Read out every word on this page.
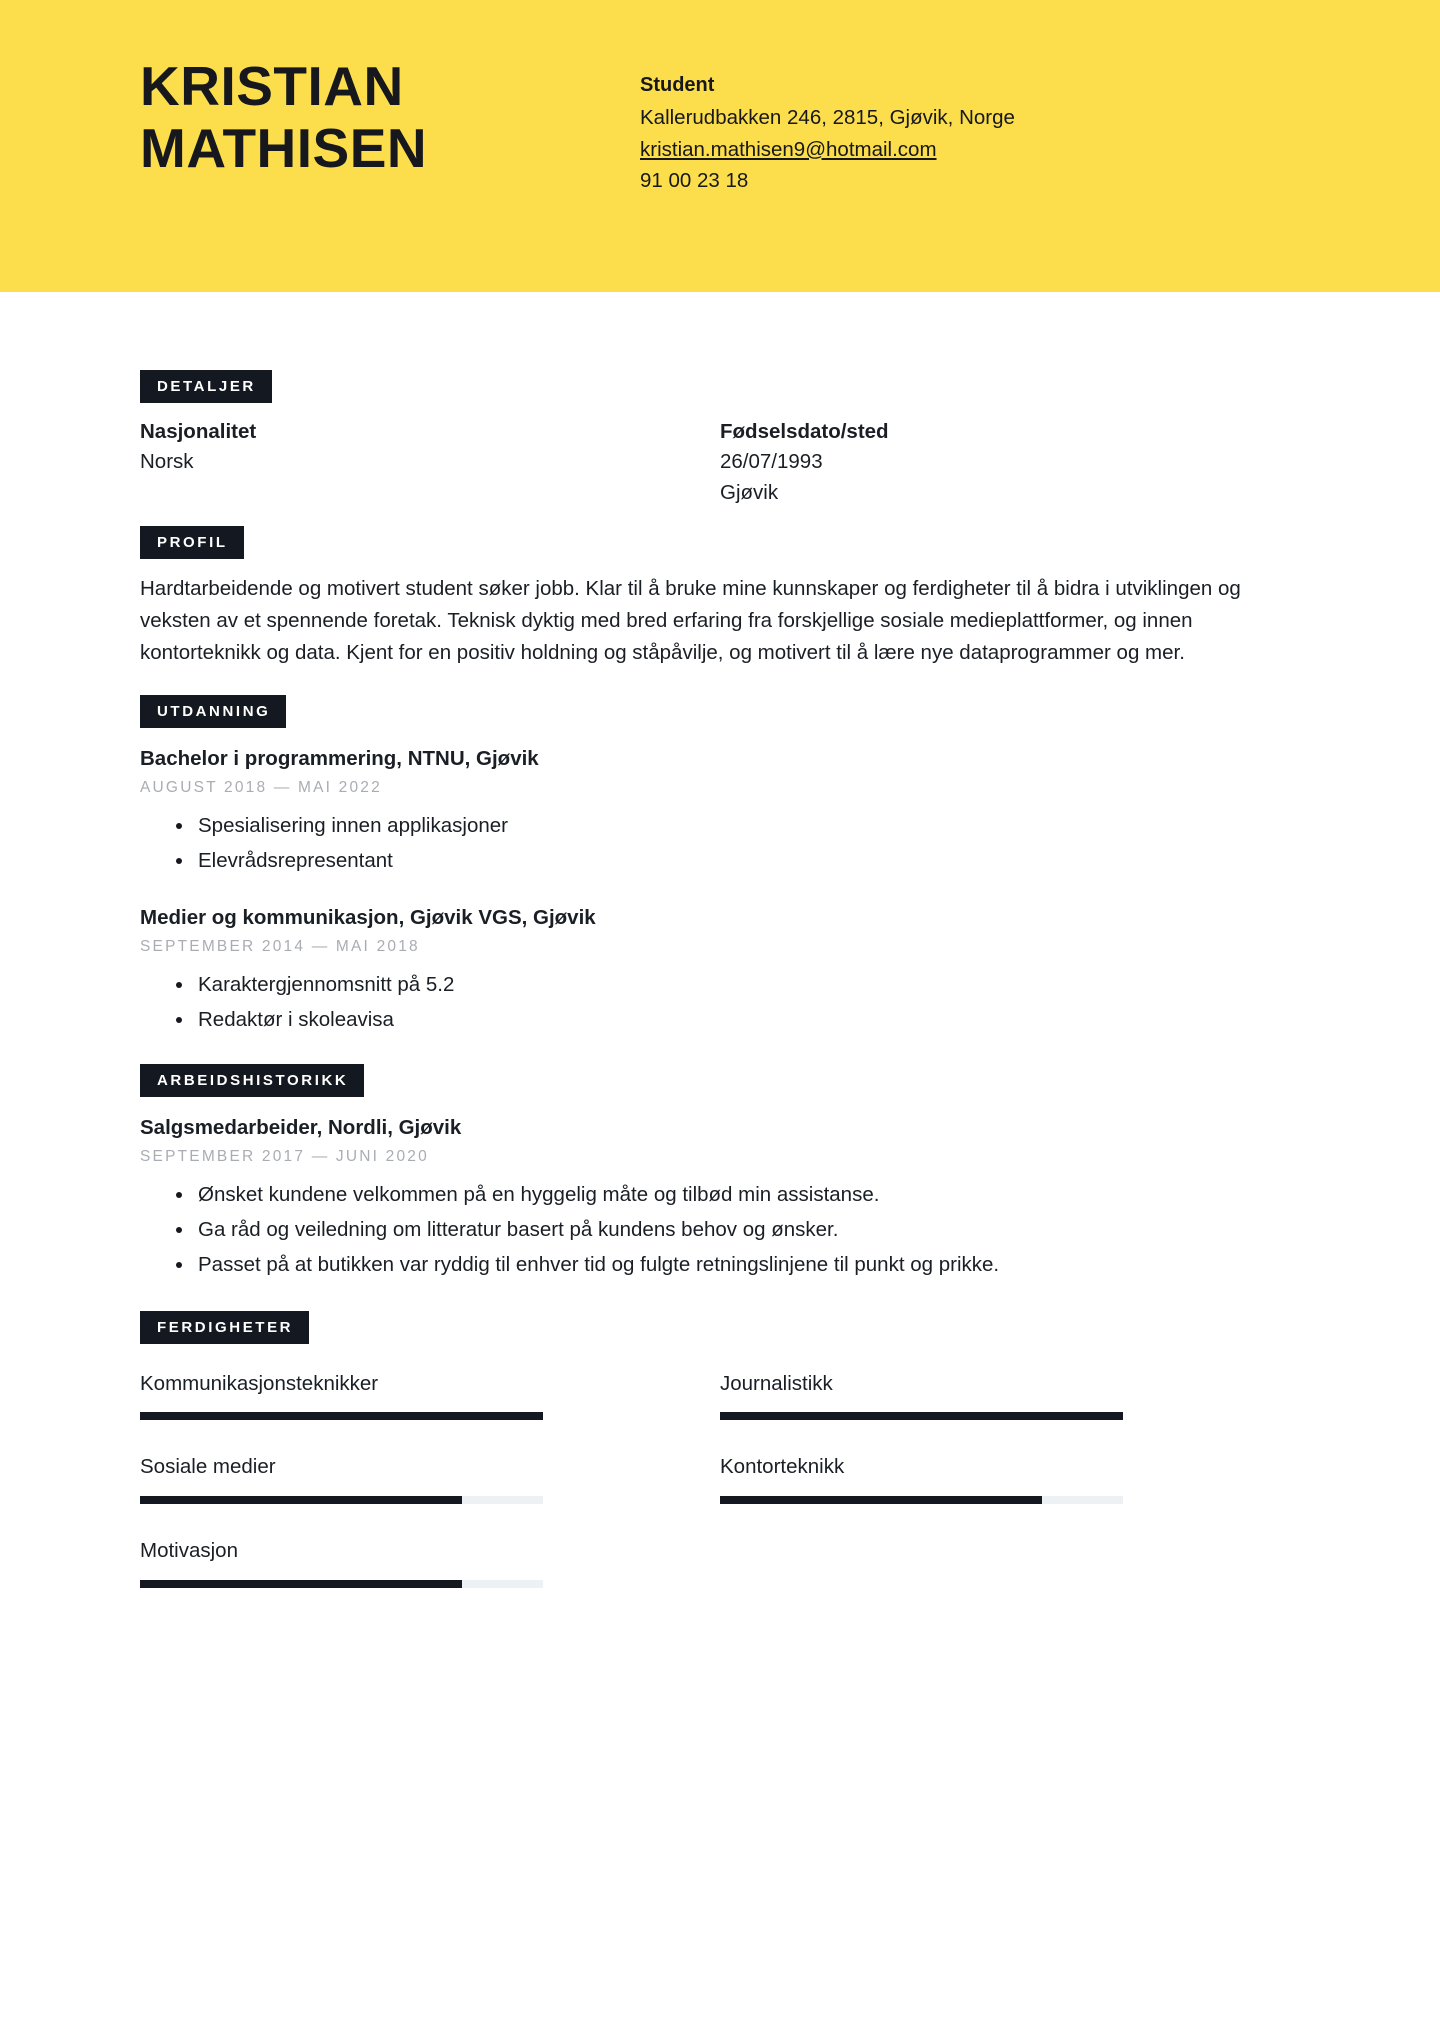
KRISTIAN
MATHISEN
Student
Kallerudbakken 246, 2815, Gjøvik, Norge
kristian.mathisen9@hotmail.com
91 00 23 18
DETALJER

Nasjonalitet

Norsk

Fødselsdato/sted

26/07/1993

Gjøvik

PROFIL

Hardtarbeidende og motivert student søker jobb. Klar til å bruke mine kunnskaper og ferdigheter til å bidra i utviklingen og veksten av et spennende foretak. Teknisk dyktig med bred erfaring fra forskjellige sosiale medieplattformer, og innen kontorteknikk og data. Kjent for en positiv holdning og ståpåvilje, og motivert til å lære nye dataprogrammer og mer.

UTDANNING

Bachelor i programmering, NTNU, Gjøvik

AUGUST 2018 — MAI 2022

Spesialisering innen applikasjoner
Elevrådsrepresentant

Medier og kommunikasjon, Gjøvik VGS, Gjøvik

SEPTEMBER 2014 — MAI 2018

Karaktergjennomsnitt på 5.2
Redaktør i skoleavisa
ARBEIDSHISTORIKK

Salgsmedarbeider, Nordli, Gjøvik

SEPTEMBER 2017 — JUNI 2020

Ønsket kundene velkommen på en hyggelig måte og tilbød min assistanse.
Ga råd og veiledning om litteratur basert på kundens behov og ønsker.
Passet på at butikken var ryddig til enhver tid og fulgte retningslinjene til punkt og prikke.
FERDIGHETER

Kommunikasjonsteknikker	Journalistikk

Sosiale medier	Kontorteknikk

Motivasjon
